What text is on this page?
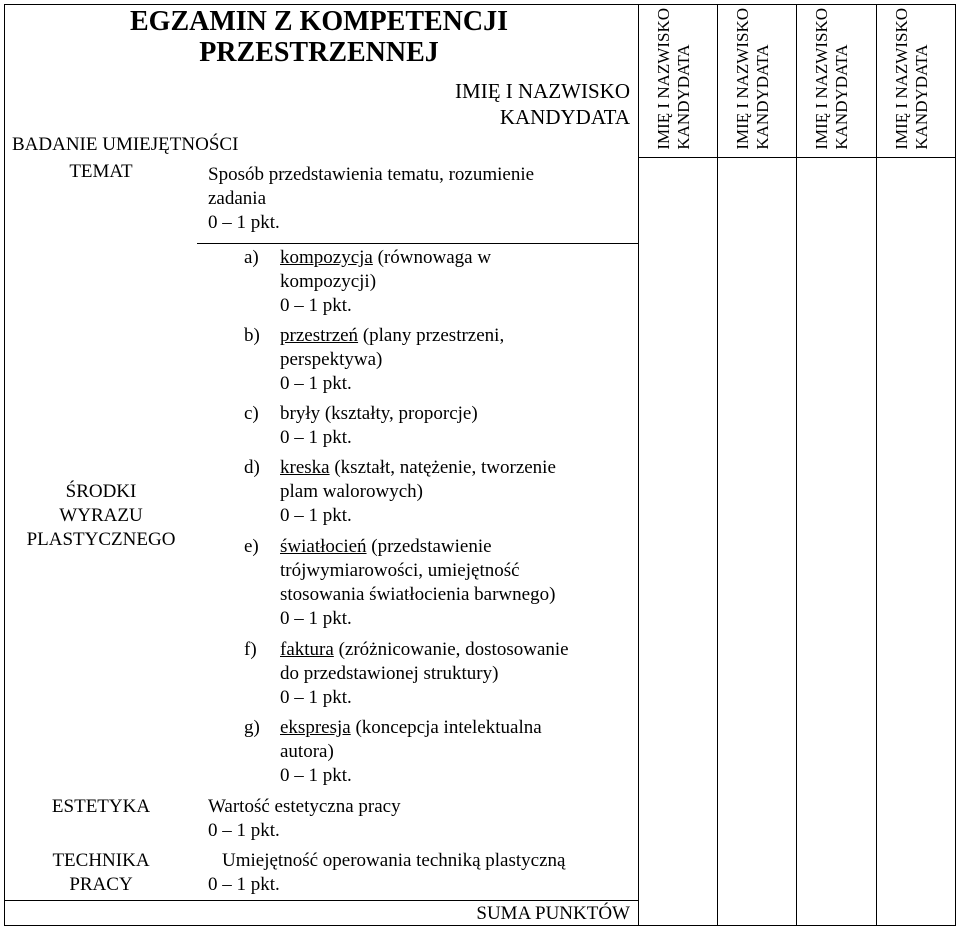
EGZAMIN Z KOMPETENCJI
PRZESTRZENNEJ
IMIĘ I NAZWISKO
KANDYDATA IMIĘ I NAZWISKO KANDYDATA IMIĘ I NAZWISKO KANDYDATA IMIĘ I NAZWISKO KANDYDATA IMIĘ I NAZWISKO KANDYDATA
BADANIE UMIEJĘTNOŚCI
TEMAT	Sposób przedstawienia tematu, rozumienie
zadania
0 – 1 pkt.
ŚRODKI
WYRAZU
PLASTYCZNEGO
a) kompozycja (równowaga w
kompozycji)
0 – 1 pkt.
b) przestrzeń (plany przestrzeni,
perspektywa)
0 – 1 pkt.
c) bryły (kształty, proporcje)
0 – 1 pkt.
d) kreska (kształt, natężenie, tworzenie
plam walorowych)
0 – 1 pkt.
e) światłocień (przedstawienie
trójwymiarowości, umiejętność
stosowania światłocienia barwnego)
0 – 1 pkt.
f) faktura (zróżnicowanie, dostosowanie
do przedstawionej struktury)
0 – 1 pkt.
g) ekspresja (koncepcja intelektualna
autora)
0 – 1 pkt.
ESTETYKA	Wartość estetyczna pracy
0 – 1 pkt.
TECHNIKA
PRACY
Umiejętność operowania techniką plastyczną
0 – 1 pkt.
SUMA PUNKTÓW
